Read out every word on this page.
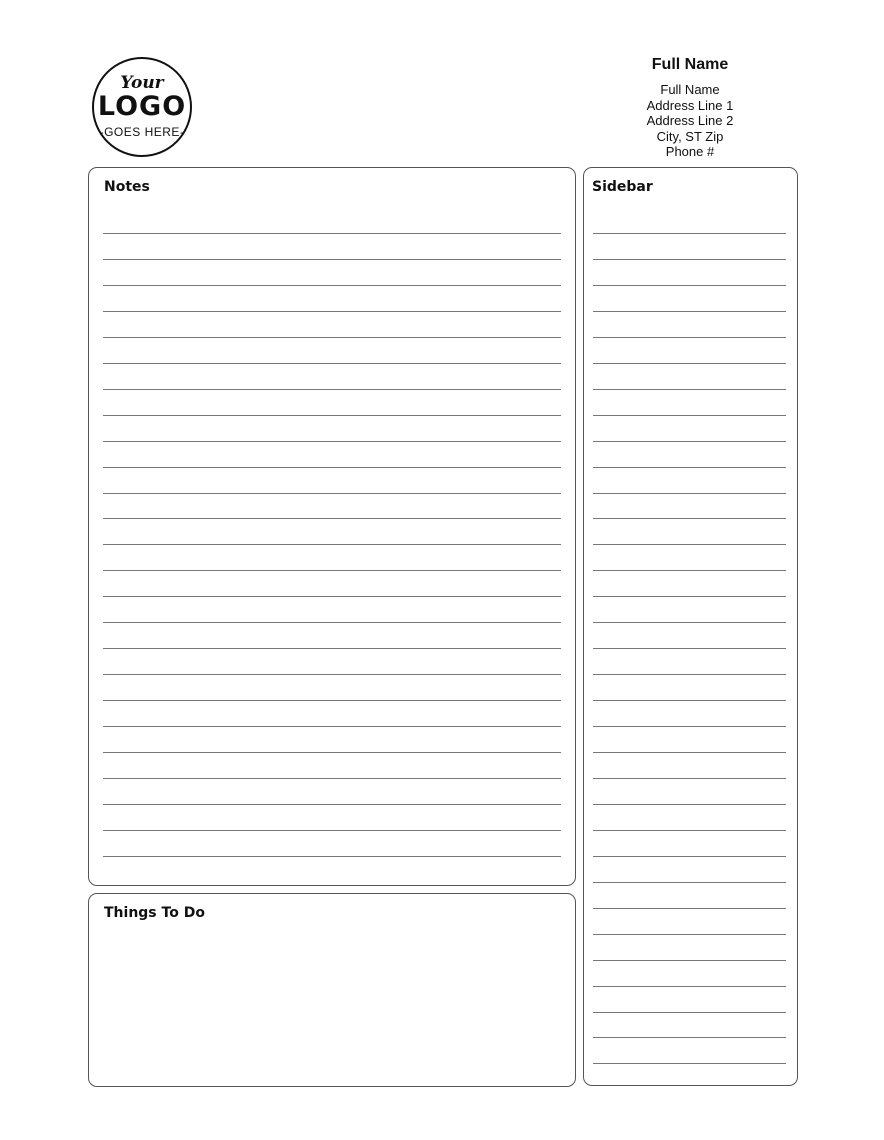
Your
LOGO
-GOES HERE-
Full Name
Full Name
Address Line 1
Address Line 2
City, ST Zip
Phone #
Notes
Things To Do
Sidebar
